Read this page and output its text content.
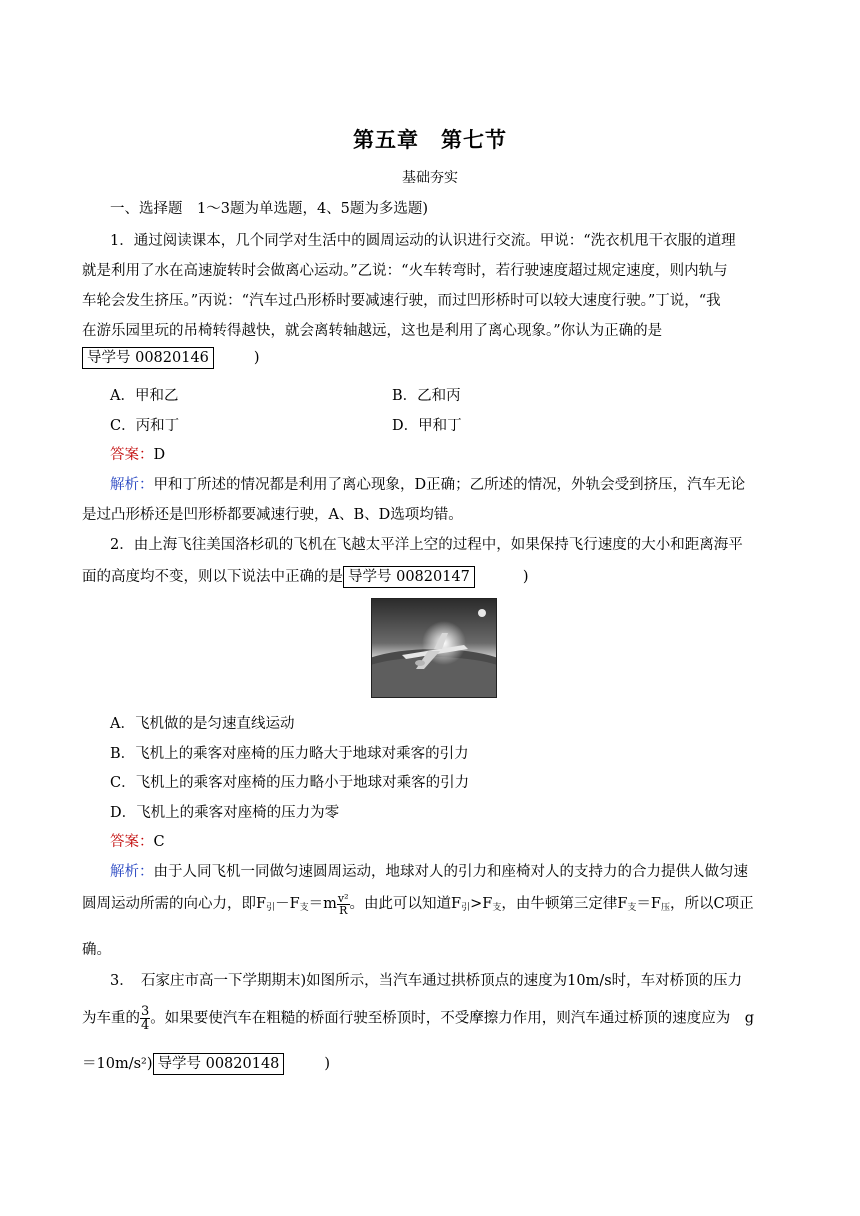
第五章　第七节
基础夯实
一、选择题　1～3题为单选题，4、5题为多选题)
1．通过阅读课本，几个同学对生活中的圆周运动的认识进行交流。甲说：“洗衣机甩干衣服的道理
就是利用了水在高速旋转时会做离心运动。”乙说：“火车转弯时，若行驶速度超过规定速度，则内轨与
车轮会发生挤压。”丙说：“汽车过凸形桥时要减速行驶，而过凹形桥时可以较大速度行驶。”丁说，“我
在游乐园里玩的吊椅转得越快，就会离转轴越远，这也是利用了离心现象。”你认为正确的是
导学号 00820146	)
A．甲和乙	B．乙和丙
C．丙和丁	D．甲和丁
答案：D
解析：甲和丁所述的情况都是利用了离心现象，D正确；乙所述的情况，外轨会受到挤压，汽车无论
是过凸形桥还是凹形桥都要减速行驶，A、B、D选项均错。
2．由上海飞往美国洛杉矶的飞机在飞越太平洋上空的过程中，如果保持飞行速度的大小和距离海平
面的高度均不变，则以下说法中正确的是 导学号 00820147	)
A．飞机做的是匀速直线运动
B．飞机上的乘客对座椅的压力略大于地球对乘客的引力
C．飞机上的乘客对座椅的压力略小于地球对乘客的引力
D．飞机上的乘客对座椅的压力为零
答案：C
解析：由于人同飞机一同做匀速圆周运动，地球对人的引力和座椅对人的支持力的合力提供人做匀速
圆周运动所需的向心力，即$F_引-F_支=m \frac{\text{v²}}{R}$ 。由此可以知道$F_引>F_支$，由牛顿第三定律$F_支=F_压$，所以C项正
确。
3．　石家庄市高一下学期期末)如图所示，当汽车通过拱桥顶点的速度为10m/s时，车对桥顶的压力
为车重的 $\frac{3}{4}$ 。如果要使汽车在粗糙的桥面行驶至桥顶时，不受摩擦力作用，则汽车通过桥顶的速度应为　g
＝10m/s²) 导学号 00820148	)
